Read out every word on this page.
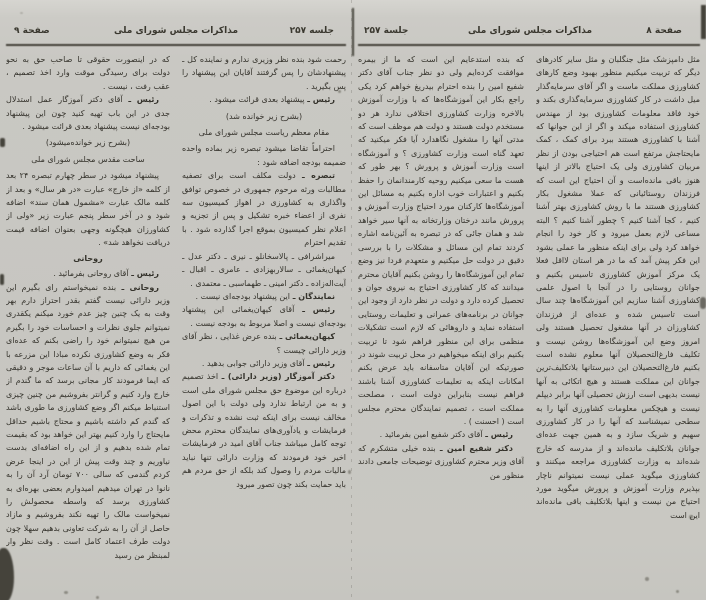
صفحة ۹	مذاکرات مجلس شورای ملی	جلسه ۲۵۷

رحمت شود بنده نظر وزیری ندارم و نماینده کل ـ پیشنهادشان را پس گرفتند آقایان این پیشنهاد را پس بگیرید .

رئیس ـ پیشنهاد بعدی قرائت میشود .

(بشرح زیر خوانده شد)

مقام معظم ریاست مجلس شورای ملی

احتراماً تقاضا میشود تبصره زیر بماده واحده ضمیمه بودجه اضافه شود :

تبصره ـ دولت مکلف است برای تصفیه مطالبات ورثه مرحوم جمهوری در خصوص توافق واگذاری به کشاورزی در اهواز کمیسیون سه نفری از اعضاء خبره تشکیل و پس از تجزیه و اعلام نظر کمیسیون بموقع اجرا گذارده شود . با تقدیم احترام

میراشرافی ـ پالاسخانلو ـ نیری ـ دکتر عدل ـ کیهان‌یغمائی ـ سالاربهزادی ـ عامری ـ اقبال ـ آیت‌اله‌زاده ـ دکتر امینی ـ طهماسبی ـ معتمدی .

نمایندگان ـ این پیشنهاد بودجه‌ای نیست .

رئیس ـ آقای کیهان‌یغمائی این پیشنهاد بودجه‌ای نیست و اصلا مربوط به بودجه نیست .

کیهان‌یغمائی ـ بنده عرض غذایی ، نظر آقای وزیر دارائی چیست ؟

رئیس ـ آقای وزیر دارائی جوابی بدهید .

دکتر آموزگار (وزیر دارائی) ـ اخذ تصمیم درباره این موضوع حق مجلس شورای ملی است و به من ارتباط ندارد ولی دولت با این اصول مخالف نیست برای اینکه ثبت نشده و تذکرات و فرمایشات و یادآوری‌های نمایندگان محترم محض توجه کامل میباشد جناب آقای امید در فرمایشات اخیر خود فرمودند که وزارت دارائی تنها نباید مالیات مردم را وصول کند بلکه از حق مردم هم باید حمایت بکند چون تصور میرود

که در اینصورت حقوقی تا صاحب حق به نحو دولت برای رسیدگی موقت وارد اخذ تصمیم ، عقب رفت ، نیست .

رئیس ـ آقای دکتر آموزگار عمل استدلال جدی در این باب تهیه کنید چون این پیشنهاد بودجه‌ای نیست پیشنهاد بعدی قرائت میشود .

(بشرح زیر خوانده‌میشود)

ساحت مقدس مجلس شورای ملی

پیشنهاد میشود در سطر چهارم تبصره ۲۴ بعد از کلمه «از خارج» عبارت «در هر سال» و بعد از کلمه مالک عبارت «مشمول همان سند» اضافه شود و در آخر سطر پنجم عبارت زیر «ولی از کشاورزان هیچگونه وجهی بعنوان اضافه قیمت دریافت نخواهد شد» .

روحانی

رئیس ـ آقای روحانی بفرمائید .

روحانی ـ بنده نمیخواستم رای بگیرم این وزیر دارائی نیست گفتم بقدر احتراز دارم بهر وقت به یک چنین چیز عدم خورد میکنم یکقدری نمیتوانم جلوی نظرات و احساسات خود را بگیرم من هیچ نمیتوانم خود را راضی بکنم که عده‌ای فکر به وضع کشاورزی نکرده مبادا این مزرعه با این یغمائی که داریم با آن ساعات موجر و دقیقی که ایما فرمودند کار مجانی برسد که ما گندم از خارج وارد کنیم و گرانتر بفروشیم من چنین چیزی استنباط میکنم اگر وضع کشاورزی ما طوری باشد که گندم کم داشته باشیم و محتاج باشیم حداقل مایحتاج را وارد کنیم بهتر این خواهد بود که بقیمت تمام شده بدهیم و از این راه اضافه‌ای بدست نیاوریم و چند وقت پیش از این در اینجا عرض کردم گندمی که سالی ۷۰۰ تومان آرد آن را به نانوا در تهران میدهیم امیدوارم بعضی بهره‌ای به کشاورزی برسد که واسطه محصولش را نمیخواست مالک را تهیه نکند بفروشیم و مازاد حاصل از آن را به شرکت تعاونی بدهیم سهلا چون دولت طرف اعتماد کامل است . وقت نظر وار لمبنظر من رسید

جلسة ۲۵۷	مذاکرات مجلس شورای ملی	صفحة ۸

مثل دامپزشک مثل جنگلبان و مثل سایر کادرهای دیگر که تربیت میکنیم منظور بهبود وضع کارهای کشاورزی مملکت ماست و اگر آقای سرمایه‌گذار میل داشت در کار کشاورزی سرمایه‌گذاری بکند و خود فاقد معلومات کشاورزی بود از مهندس کشاورزی استفاده میکند و اگر از این جوانها که آشنا با کشاورزی هستند ببرد برای کمک ، کمک مایحتاجش مرتفع است هم احتیاجی بودن از نظر مربیان کشاورزی ولی یک احتیاج بالاتر از اینها هنوز باقی مانده‌است و آن احتیاج این است که فرزندان روستائیانی که عملا مشغول بکار کشاورزی هستند ما با روش کشاورزی بهتر آشنا کنیم ، کجا آشنا کنیم ؟ چطور آشنا کنیم ؟ البته مساعی لازم بعمل میرود و کار خود را انجام خواهد کرد ولی برای اینکه منظور ما عملی بشود این فکر پیش آمد که ما در هر استان لااقل فعلا یک مرکز آموزش کشاورزی تاسیس بکنیم و جوانان روستایی را در آنجا با اصول علمی کشاورزی آشنا سازیم این آموزشگاه‌ها چند سال است تاسیس شده و عده‌ای از فرزندان کشاورزان در آنها مشغول تحصیل هستند ولی امروز وضع این آموزشگاه‌ها روشن نیست و تکلیف فارغ‌التحصیلان آنها معلوم نشده است بکنیم فارغ‌التحصیلان این دبیرستانها بلاتکلیف‌ترین جوانان این مملکت هستند و هیچ اتکائی به آنها نیست بدیهی است ارزش تحصیلی آنها برابر دیپلم نیست و هیچکس معلومات کشاورزی آنها را به سطحی نمیشناسد که آنها را در کار کشاورزی سهیم و شریک سازد و به همین جهت عده‌ای جوانان بلاتکلیف مانده‌اند و از مدرسه که خارج شده‌اند به وزارت کشاورزی مراجعه میکنند و کشاورزی میگوید عملی نیست نمیتوانم ناچار بپذیرم وزارت آموزش و پرورش میگوید مورد احتیاج من نیست و اینها بلاتکلیف باقی مانده‌اند این است

که بنده استدعایم این است که ما از بیمره موافقت کرده‌ایم ولی دو نظر جناب آقای دکتر شفیع امین را بنده احترام بیدریغ خواهم کرد یکی راجع بکار این آموزشگاه‌ها که با وزارت آموزش بالاخره وزارت کشاورزی اختلافی ندارد هر دو مستخدم دولت هستند و دولت هم موظف است که مدتی آنها را مشغول نگاهدارد آیا فکر میکنید که تعهد گناه است وزارت کشاورزی ؟ و آموزشگاه است وزارت آموزش و پرورش ؟ بهر طور که هست ما سعی میکنیم روحیه کارمندانمان را حفظ بکنیم و اعتبارات خوب اداره بکنیم به مسائل این آموزشگاه‌ها کارکنان مورد احتیاج وزارت آموزش و پرورش مانند درختان وزارتخانه به آنها سیر خواهد شد و همان جائی که در تبصره به آئین‌نامه اشاره کردند تمام این مسائل و مشکلات را با بررسی دقیق در دولت حل میکنیم و متعهدم فردا نیز وضع تمام این آموزشگاه‌ها را روشن بکنیم آقایان محترم میدانند که کار کشاورزی احتیاج به نیروی جوان و تحصیل کرده دارد و دولت در نظر دارد از وجود این جوانان در برنامه‌های عمرانی و تعلیمات روستایی استفاده نماید و داروهائی که لازم است تشکیلات منظمی برای این منظور فراهم شود تا تربیت بکنیم برای اینکه میخواهیم در محل تربیت شوند در صورتیکه این آقایان متاسفانه باید عرض بکنم امکانات اینکه به تعلیمات کشاورزی آشنا باشند فراهم نیست بنابراین دولت است ، مصلحت مملکت است ، تصمیم نمایندگان محترم مجلس است ( احسنت ) .

رئیس ـ آقای دکتر شفیع امین بفرمائید .

دکتر شفیع امین ـ بنده خیلی متشکرم که آقای وزیر محترم کشاورزی توضیحات جامعی دادند منظور من
